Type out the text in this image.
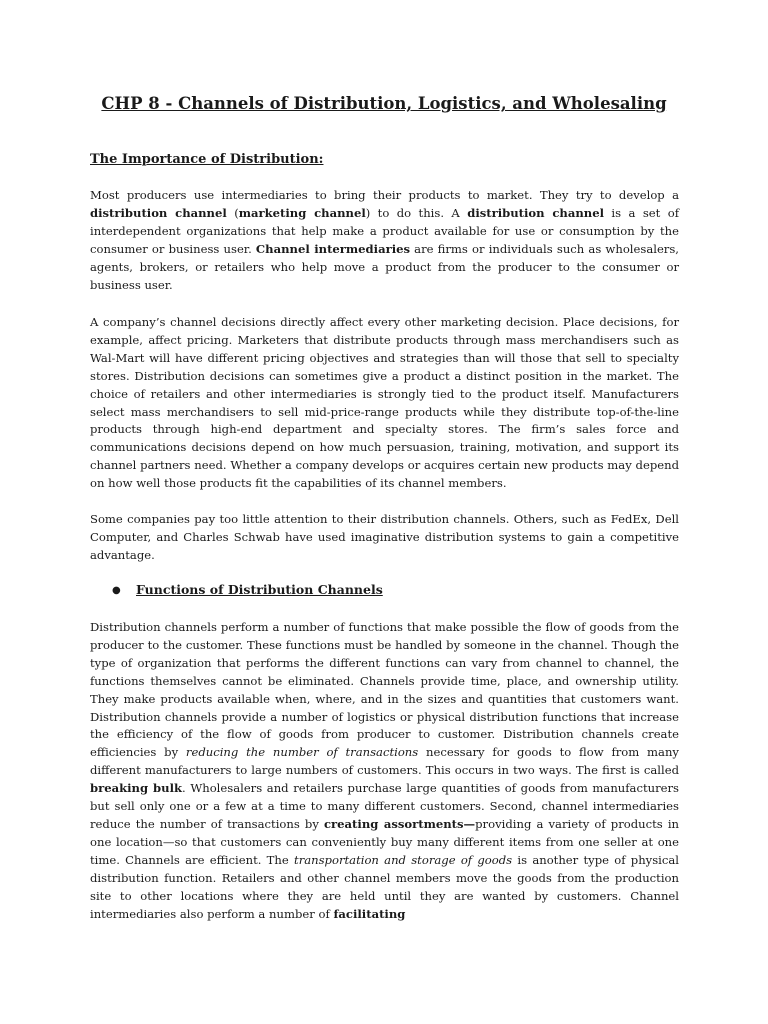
CHP 8 - Channels of Distribution, Logistics, and Wholesaling
The Importance of Distribution:

Most producers use intermediaries to bring their products to market. They try to develop a distribution channel (marketing channel) to do this. A distribution channel is a set of interdependent organizations that help make a product available for use or consumption by the consumer or business user. Channel intermediaries are firms or individuals such as wholesalers, agents, brokers, or retailers who help move a product from the producer to the consumer or business user.

A company’s channel decisions directly affect every other marketing decision. Place decisions, for example, affect pricing. Marketers that distribute products through mass merchandisers such as Wal-Mart will have different pricing objectives and strategies than will those that sell to specialty stores. Distribution decisions can sometimes give a product a distinct position in the market. The choice of retailers and other intermediaries is strongly tied to the product itself. Manufacturers select mass merchandisers to sell mid-price-range products while they distribute top-of-the-line products through high-end department and specialty stores. The firm’s sales force and communications decisions depend on how much persuasion, training, motivation, and support its channel partners need. Whether a company develops or acquires certain new products may depend on how well those products fit the capabilities of its channel members.

Some companies pay too little attention to their distribution channels. Others, such as FedEx, Dell Computer, and Charles Schwab have used imaginative distribution systems to gain a competitive advantage.

● Functions of Distribution Channels

Distribution channels perform a number of functions that make possible the flow of goods from the producer to the customer. These functions must be handled by someone in the channel. Though the type of organization that performs the different functions can vary from channel to channel, the functions themselves cannot be eliminated. Channels provide time, place, and ownership utility. They make products available when, where, and in the sizes and quantities that customers want. Distribution channels provide a number of logistics or physical distribution functions that increase the efficiency of the flow of goods from producer to customer. Distribution channels create efficiencies by reducing the number of transactions necessary for goods to flow from many different manufacturers to large numbers of customers. This occurs in two ways. The first is called breaking bulk. Wholesalers and retailers purchase large quantities of goods from manufacturers but sell only one or a few at a time to many different customers. Second, channel intermediaries reduce the number of transactions by creating assortments—providing a variety of products in one location—so that customers can conveniently buy many different items from one seller at one time. Channels are efficient. The transportation and storage of goods is another type of physical distribution function. Retailers and other channel members move the goods from the production site to other locations where they are held until they are wanted by customers. Channel intermediaries also perform a number of facilitating
